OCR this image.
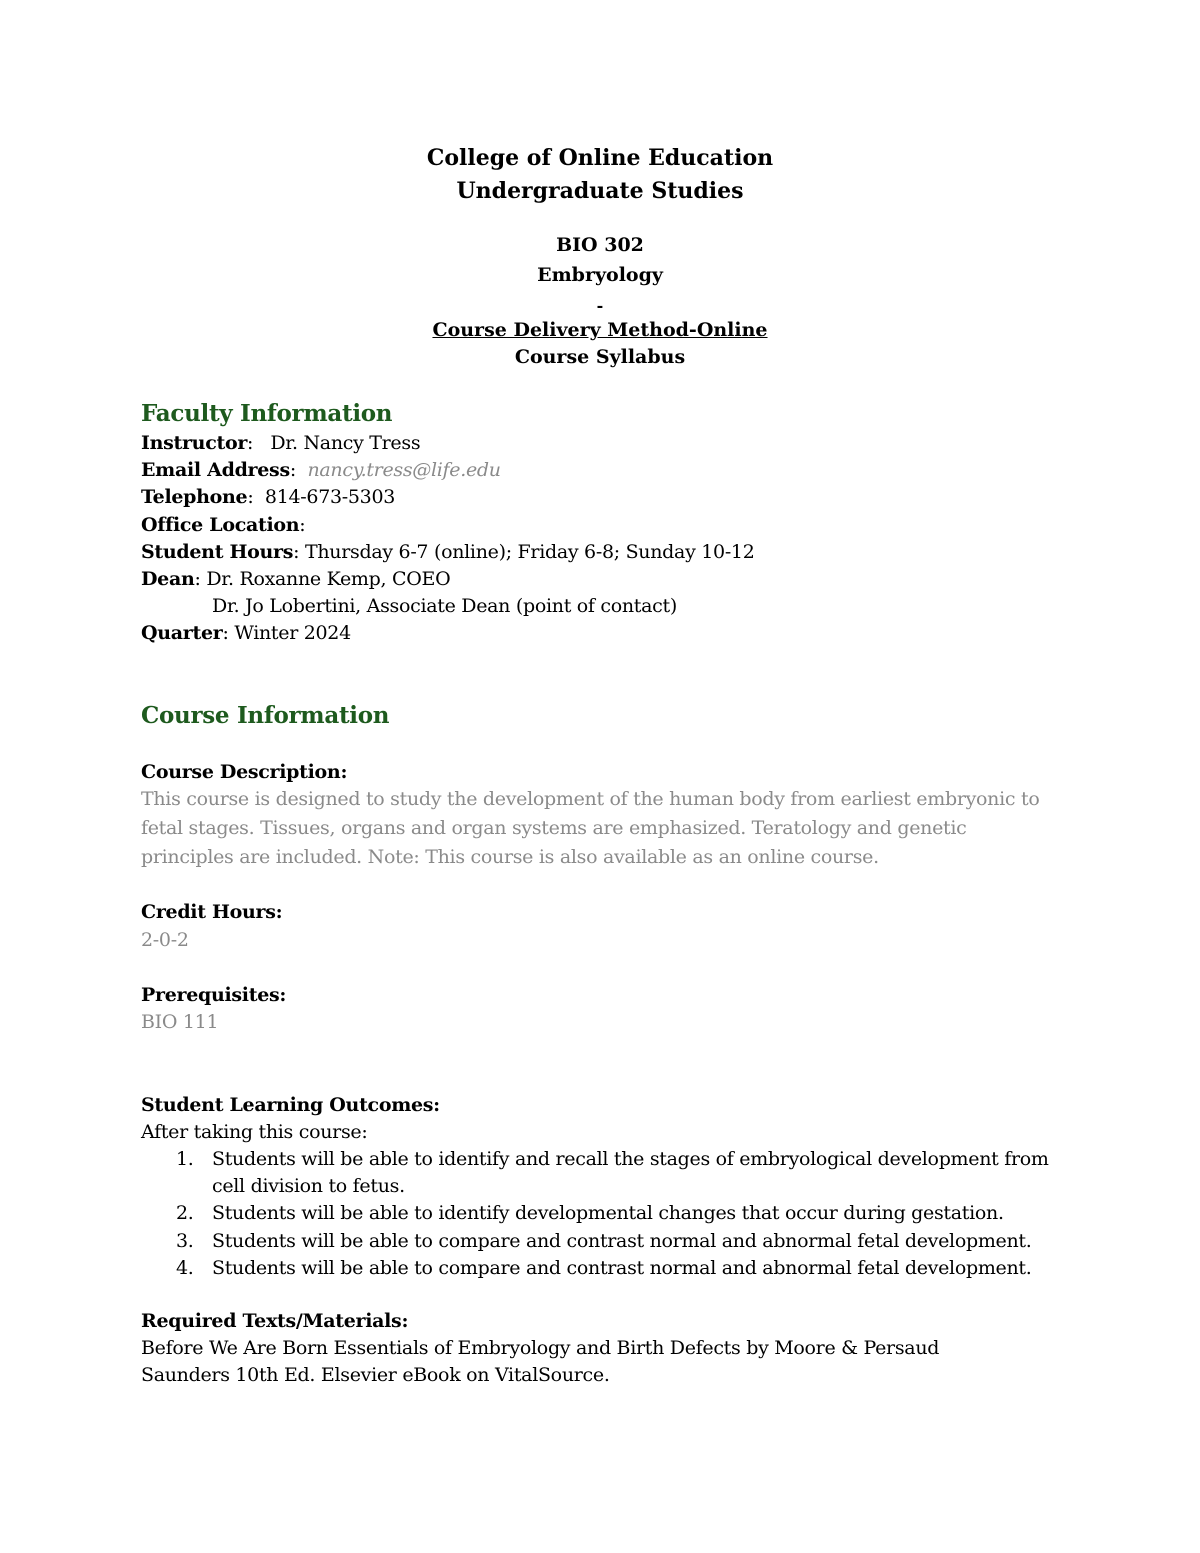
College of Online Education
Undergraduate Studies
BIO 302
Embryology
-
Course Delivery Method-Online
Course Syllabus
Faculty Information
Instructor:   Dr. Nancy Tress
Email Address:  nancy.tress@life.edu
Telephone:  814-673-5303
Office Location:
Student Hours: Thursday 6-7 (online); Friday 6-8; Sunday 10-12
Dean: Dr. Roxanne Kemp, COEO
Dr. Jo Lobertini, Associate Dean (point of contact)
Quarter: Winter 2024
Course Information
Course Description:
This course is designed to study the development of the human body from earliest embryonic to
fetal stages. Tissues, organs and organ systems are emphasized. Teratology and genetic
principles are included. Note: This course is also available as an online course.
Credit Hours:
2-0-2
Prerequisites:
BIO 111
Student Learning Outcomes:
After taking this course:
1. Students will be able to identify and recall the stages of embryological development from
cell division to fetus.
2. Students will be able to identify developmental changes that occur during gestation.
3. Students will be able to compare and contrast normal and abnormal fetal development.
4. Students will be able to compare and contrast normal and abnormal fetal development.
Required Texts/Materials:
Before We Are Born Essentials of Embryology and Birth Defects by Moore & Persaud
Saunders 10th Ed. Elsevier eBook on VitalSource.
